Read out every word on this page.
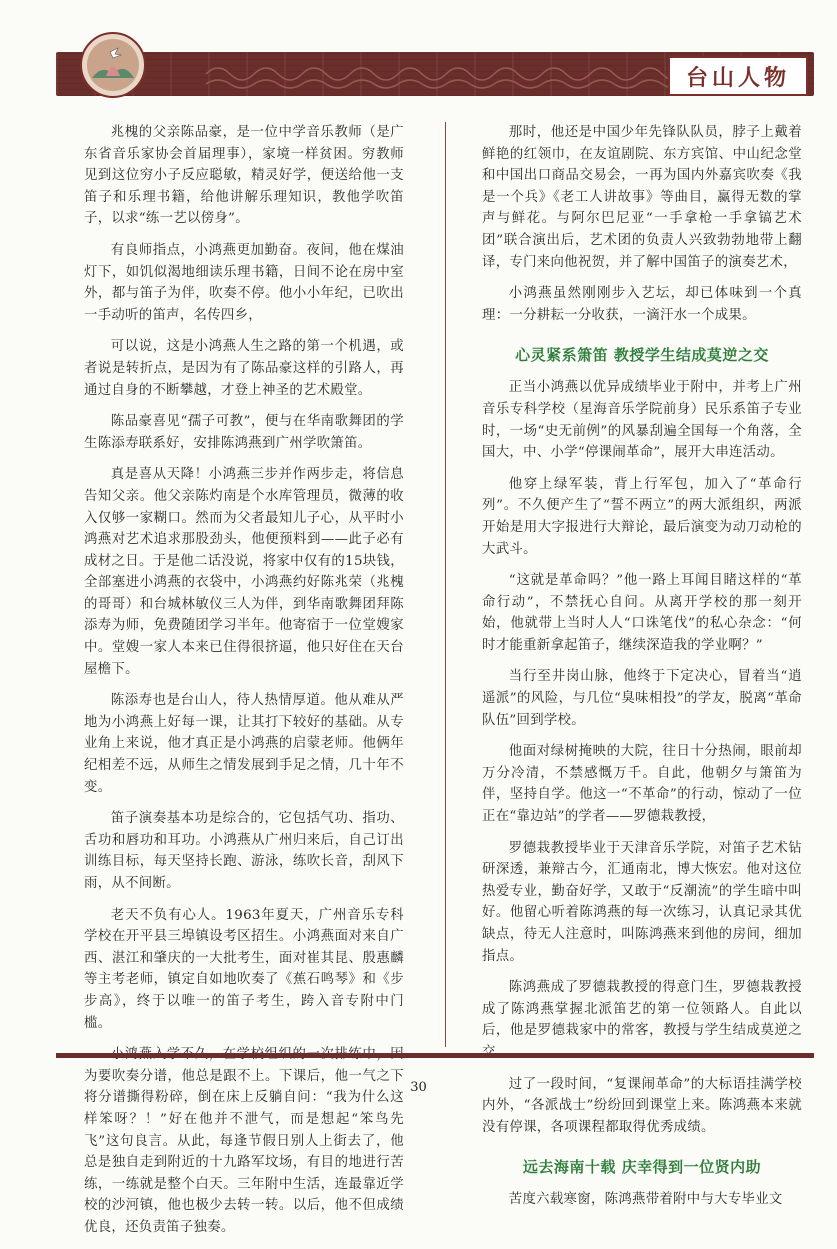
台山人物

兆槐的父亲陈品豪，是一位中学音乐教师（是广东省音乐家协会首届理事），家境一样贫困。穷教师见到这位穷小子反应聪敏，精灵好学，便送给他一支笛子和乐理书籍，给他讲解乐理知识，教他学吹笛子，以求“练一艺以傍身”。

有良师指点，小鸿燕更加勤奋。夜间，他在煤油灯下，如饥似渴地细读乐理书籍，日间不论在房中室外，都与笛子为伴，吹奏不停。他小小年纪，已吹出一手动听的笛声，名传四乡，

可以说，这是小鸿燕人生之路的第一个机遇，或者说是转折点，是因为有了陈品豪这样的引路人，再通过自身的不断攀越，才登上神圣的艺术殿堂。

陈品豪喜见“孺子可教”，便与在华南歌舞团的学生陈添寿联系好，安排陈鸿燕到广州学吹箫笛。

真是喜从天降！小鸿燕三步并作两步走，将信息告知父亲。他父亲陈灼南是个水库管理员，微薄的收入仅够一家糊口。然而为父者最知儿子心，从平时小鸿燕对艺术追求那股劲头，他便预料到——此子必有成材之日。于是他二话没说，将家中仅有的15块钱，全部塞进小鸿燕的衣袋中，小鸿燕约好陈兆荣（兆槐的哥哥）和台城林敏仪三人为伴，到华南歌舞团拜陈添寿为师，免费随团学习半年。他寄宿于一位堂嫂家中。堂嫂一家人本来已住得很挤逼，他只好住在天台屋檐下。

陈添寿也是台山人，待人热情厚道。他从难从严地为小鸿燕上好每一课，让其打下较好的基础。从专业角上来说，他才真正是小鸿燕的启蒙老师。他俩年纪相差不远，从师生之情发展到手足之情，几十年不变。

笛子演奏基本功是综合的，它包括气功、指功、舌功和唇功和耳功。小鸿燕从广州归来后，自己订出训练目标，每天坚持长跑、游泳，练吹长音，刮风下雨，从不间断。

老天不负有心人。1963年夏天，广州音乐专科学校在开平县三埠镇设考区招生。小鸿燕面对来自广西、湛江和肇庆的一大批考生，面对崔其昆、殷惠麟等主考老师，镇定自如地吹奏了《蕉石鸣琴》和《步步高》，终于以唯一的笛子考生，跨入音专附中门槛。

为要吹奏分谱，他总是跟不上。下课后，他一气之下将分谱撕得粉碎，倒在床上反躺自问：“我为什么这样笨呀？！”好在他并不泄气，而是想起“笨鸟先飞”这句良言。从此，每逢节假日别人上街去了，他总是独自走到附近的十九路军坟场，有目的地进行苦练，一练就是整个白天。三年附中生活，连最靠近学校的沙河镇，他也极少去转一转。以后，他不但成绩优良，还负责笛子独奏。

那时，他还是中国少年先锋队队员，脖子上戴着鲜艳的红领巾，在友谊剧院、东方宾馆、中山纪念堂和中国出口商品交易会，一再为国内外嘉宾吹奏《我是一个兵》《老工人讲故事》等曲目，赢得无数的掌声与鲜花。与阿尔巴尼亚“一手拿枪一手拿镐艺术团”联合演出后，艺术团的负责人兴致勃勃地带上翻译，专门来向他祝贺，并了解中国笛子的演奏艺术，

小鸿燕虽然刚刚步入艺坛，却已体味到一个真理：一分耕耘一分收获，一滴汗水一个成果。

心灵紧系箫笛 教授学生结成莫逆之交

正当小鸿燕以优异成绩毕业于附中，并考上广州音乐专科学校（星海音乐学院前身）民乐系笛子专业时，一场“史无前例”的风暴刮遍全国每一个角落，全国大，中、小学“停课闹革命”，展开大串连活动。

他穿上绿军装，背上行军包，加入了“革命行列”。不久便产生了“誓不两立”的两大派组织，两派开始是用大字报进行大辩论，最后演变为动刀动枪的大武斗。

“这就是革命吗？”他一路上耳闻目睹这样的“革命行动”，不禁抚心自问。从离开学校的那一刻开始，他就带上当时人人“口诛笔伐”的私心杂念：“何时才能重新拿起笛子，继续深造我的学业啊？”

当行至井岗山脉，他终于下定决心，冒着当“逍遥派”的风险，与几位“臭味相投”的学友，脱离“革命队伍”回到学校。

他面对绿树掩映的大院，往日十分热闹，眼前却万分冷清，不禁感慨万千。自此，他朝夕与箫笛为伴，坚持自学。他这一“不革命”的行动，惊动了一位正在“靠边站”的学者——罗德栽教授，

罗德栽教授毕业于天津音乐学院，对笛子艺术钻研深透，兼辩古今，汇通南北，博大恢宏。他对这位热爱专业，勤奋好学，又敢于“反潮流”的学生暗中叫好。他留心听着陈鸿燕的每一次练习，认真记录其优缺点，待无人注意时，叫陈鸿燕来到他的房间，细加指点。

陈鸿燕成了罗德栽教授的得意门生，罗德栽教授成了陈鸿燕掌握北派笛艺的第一位领路人。自此以后，他是罗德栽家中的常客，教授与学生结成莫逆之

过了一段时间，“复课闹革命”的大标语挂满学校内外，“各派战士”纷纷回到课堂上来。陈鸿燕本来就没有停课，各项课程都取得优秀成绩。

远去海南十载 庆幸得到一位贤内助

苦度六载寒窗，陈鸿燕带着附中与大专毕业文

30
